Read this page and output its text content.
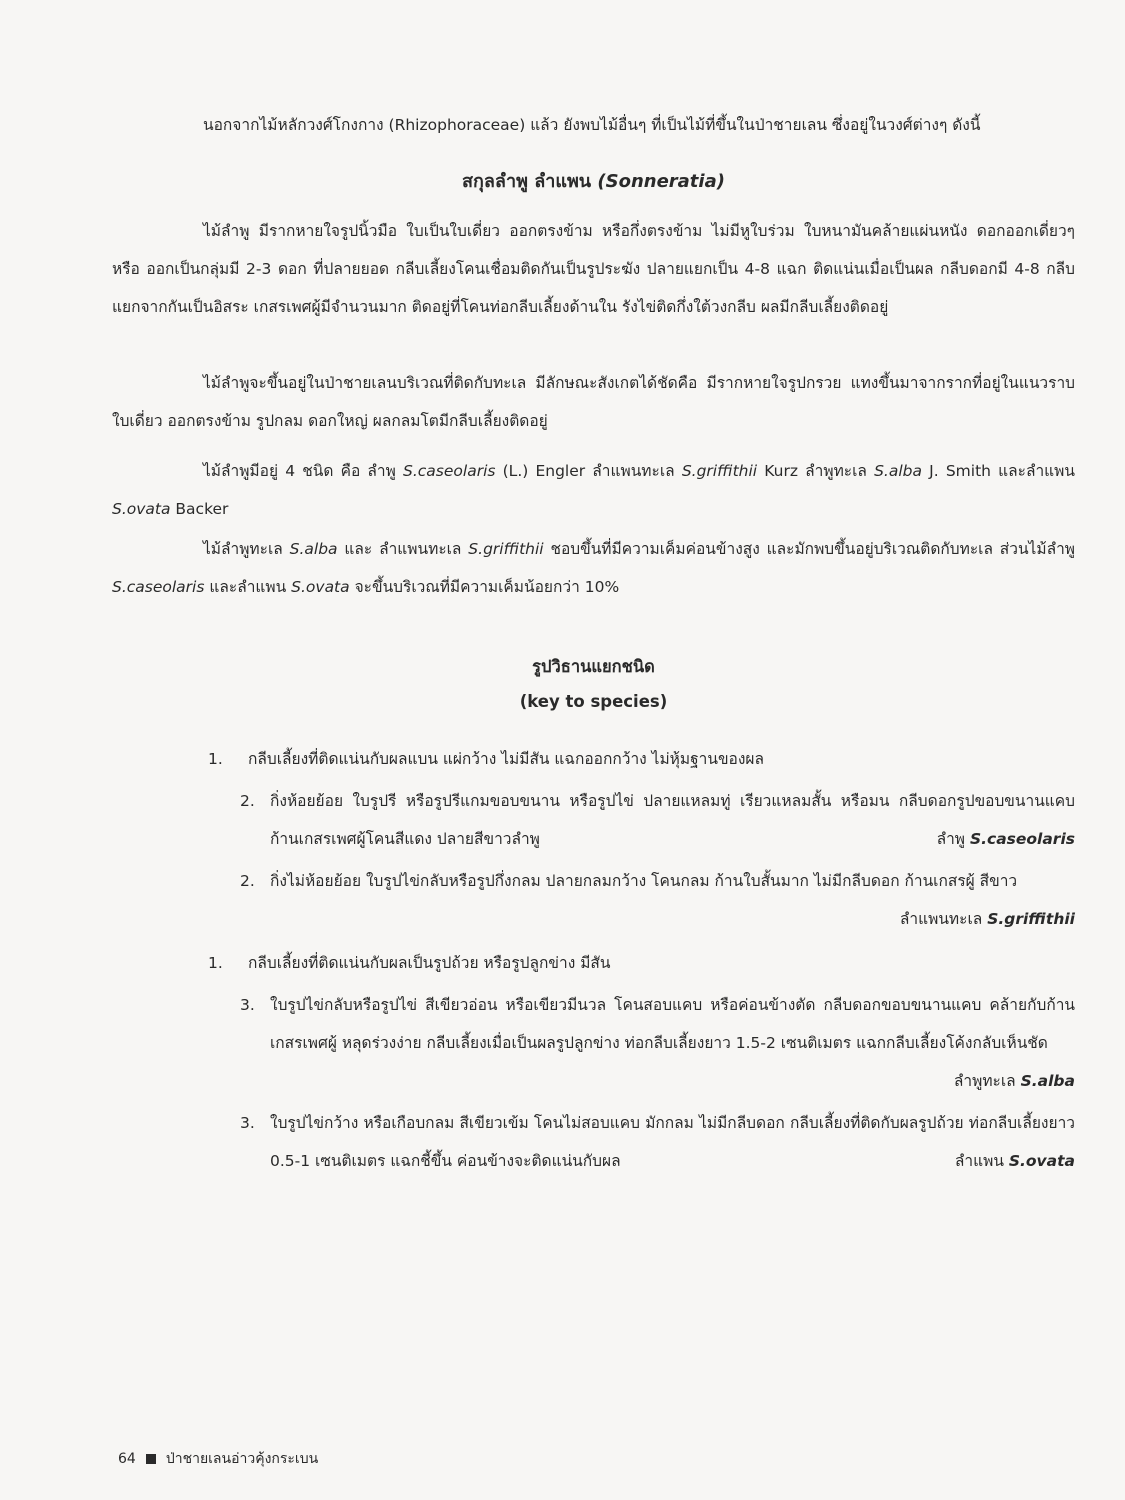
นอกจากไม้หลักวงศ์โกงกาง (Rhizophoraceae) แล้ว ยังพบไม้อื่นๆ ที่เป็นไม้ที่ขึ้นในป่าชายเลน ซึ่งอยู่ในวงศ์ต่างๆ ดังนี้

สกุลลำพู ลำแพน (Sonneratia)

ไม้ลำพู มีรากหายใจรูปนิ้วมือ ใบเป็นใบเดี่ยว ออกตรงข้าม หรือกึ่งตรงข้าม ไม่มีหูใบร่วม ใบหนามันคล้ายแผ่นหนัง ดอกออกเดี่ยวๆ หรือ ออกเป็นกลุ่มมี 2-3 ดอก ที่ปลายยอด กลีบเลี้ยงโคนเชื่อมติดกันเป็นรูประฆัง ปลายแยกเป็น 4-8 แฉก ติดแน่นเมื่อเป็นผล กลีบดอกมี 4-8 กลีบ แยกจากกันเป็นอิสระ เกสรเพศผู้มีจำนวนมาก ติดอยู่ที่โคนท่อกลีบเลี้ยงด้านใน รังไข่ติดกึ่งใต้วงกลีบ ผลมีกลีบเลี้ยงติดอยู่

ไม้ลำพูจะขึ้นอยู่ในป่าชายเลนบริเวณที่ติดกับทะเล มีลักษณะสังเกตได้ชัดคือ มีรากหายใจรูปกรวย แทงขึ้นมาจากรากที่อยู่ในแนวราบ ใบเดี่ยว ออกตรงข้าม รูปกลม ดอกใหญ่ ผลกลมโตมีกลีบเลี้ยงติดอยู่

ไม้ลำพูมีอยู่ 4 ชนิด คือ ลำพู S.caseolaris (L.) Engler ลำแพนทะเล S.griffithii Kurz ลำพูทะเล S.alba J. Smith และลำแพน S.ovata Backer

ไม้ลำพูทะเล S.alba และ ลำแพนทะเล S.griffithii ชอบขึ้นที่มีความเค็มค่อนข้างสูง และมักพบขึ้นอยู่บริเวณติดกับทะเล ส่วนไม้ลำพู S.caseolaris และลำแพน S.ovata จะขึ้นบริเวณที่มีความเค็มน้อยกว่า 10%

รูปวิธานแยกชนิด
(key to species)
1. กลีบเลี้ยงที่ติดแน่นกับผลแบน แผ่กว้าง ไม่มีสัน แฉกออกกว้าง ไม่หุ้มฐานของผล
2. กิ่งห้อยย้อย ใบรูปรี หรือรูปรีแกมขอบขนาน หรือรูปไข่ ปลายแหลมทู่ เรียวแหลมสั้น หรือมน กลีบดอกรูปขอบขนานแคบ ก้านเกสรเพศผู้โคนสีแดง ปลายสีขาวลำพู	ลำพู S.caseolaris
2. กิ่งไม่ห้อยย้อย ใบรูปไข่กลับหรือรูปกึ่งกลม ปลายกลมกว้าง โคนกลม ก้านใบสั้นมาก ไม่มีกลีบดอก ก้านเกสรผู้ สีขาว
ลำแพนทะเล S.griffithii
1. กลีบเลี้ยงที่ติดแน่นกับผลเป็นรูปถ้วย หรือรูปลูกข่าง มีสัน
3. ใบรูปไข่กลับหรือรูปไข่ สีเขียวอ่อน หรือเขียวมีนวล โคนสอบแคบ หรือค่อนข้างตัด กลีบดอกขอบขนานแคบ คล้ายกับก้านเกสรเพศผู้ หลุดร่วงง่าย กลีบเลี้ยงเมื่อเป็นผลรูปลูกข่าง ท่อกลีบเลี้ยงยาว 1.5-2 เซนติเมตร แฉกกลีบเลี้ยงโค้งกลับเห็นชัด
ลำพูทะเล S.alba
3. ใบรูปไข่กว้าง หรือเกือบกลม สีเขียวเข้ม โคนไม่สอบแคบ มักกลม ไม่มีกลีบดอก กลีบเลี้ยงที่ติดกับผลรูปถ้วย ท่อกลีบเลี้ยงยาว 0.5-1 เซนติเมตร แฉกชี้ขึ้น ค่อนข้างจะติดแน่นกับผล	ลำแพน S.ovata
64 ป่าชายเลนอ่าวคุ้งกระเบน
